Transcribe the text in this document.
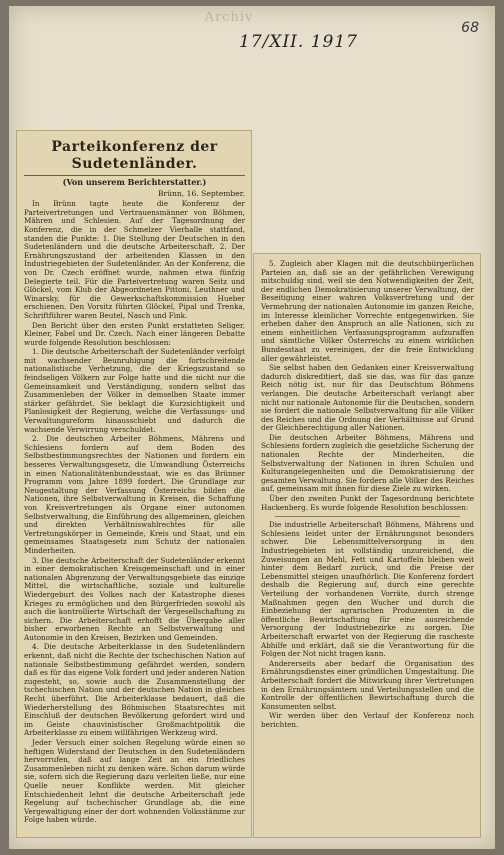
Archiv
68
17/XII. 1917
Parteikonferenz der Sudetenländer.
(Von unserem Berichterstatter.)
Brünn, 16. September.

In Brünn tagte heute die Konferenz der Parteivertretungen und Vertrauensmänner von Böhmen, Mähren und Schlesien. Auf der Tagesordnung der Konferenz, die in der Schmelzer Vierhalle stattfand, standen die Punkte: 1. Die Stellung der Deutschen in den Sudetenländern und die deutsche Arbeiterschaft. 2. Der Ernährungszustand der arbeitenden Klassen in den Industriegebieten der Sudetenländer. An der Konferenz, die von Dr. Czech eröffnet wurde, nahmen etwa fünfzig Delegierte teil. Für die Parteivertretung waren Seitz und Glöckel, vom Klub der Abgeordneten Pittoni, Leuthner und Winarsky, für die Gewerkschaftskommission Hueber erschienen. Den Vorsitz führten Glöckel, Pipal und Trenka, Schriftführer waren Beutel, Nasch und Fink.

Den Bericht über den ersten Punkt erstatteten Seliger, Kleiner, Fabel und Dr. Czech. Nach einer längeren Debatte wurde folgende Resolution beschlossen:

1. Die deutsche Arbeiterschaft der Sudetenländer verfolgt mit wachsender Beunruhigung die fortschreitende nationalistische Verhetzung, die der Kriegszustand so feindseligen Völkern zur Folge hatte und die nicht nur die Gemeinsamkeit und Verständigung, sondern selbst das Zusammenleben der Völker in demselben Staate immer stärker gefährdet. Sie beklagt die Kurzsichtigkeit und Planlosigkeit der Regierung, welche die Verfassungs- und Verwaltungsreform hinausschiebt und dadurch die wachsende Verwirrung verschuldet.

2. Die deutschen Arbeiter Böhmens, Mährens und Schlesiens fordern auf dem Boden des Selbstbestimmungsrechtes der Nationen und fordern ein besseres Verwaltungsgesetz, die Umwandlung Österreichs in einen Nationalitätenbundesstaat, wie es das Brünner Programm vom Jahre 1899 fordert. Die Grundlage zur Neugestaltung der Verfassung Österreichs bilden die Nationen, ihre Selbstverwaltung in Kreisen, die Schaffung von Kreisvertretungen als Organe einer autonomen Selbstverwaltung, die Einführung des allgemeinen, gleichen und direkten Verhältniswahlrechtes für alle Vertretungskörper in Gemeinde, Kreis und Staat, und ein gemeinsames Staatsgesetz zum Schutz der nationalen Minderheiten.

3. Die deutsche Arbeiterschaft der Sudetenländer erkennt in einer demokratischen Kreisgemeinschaft und in einer nationalen Abgrenzung der Verwaltungsgebiete das einzige Mittel, die wirtschaftliche, soziale und kulturelle Wiedergeburt des Volkes nach der Katastrophe dieses Krieges zu ermöglichen und den Bürgerfrieden sowohl als auch die kontrollierte Wirtschaft der Vergesellschaftung zu sichern. Die Arbeiterschaft erhofft die Übergabe aller bisher erworbenen Rechte an Selbstverwaltung und Autonomie in den Kreisen, Bezirken und Gemeinden.

4. Die deutsche Arbeiterklasse in den Sudetenländern erkennt, daß nicht die Rechte der tschechischen Nation auf nationale Selbstbestimmung gefährdet werden, sondern daß es für das eigene Volk fordert und jeder anderen Nation zugesteht, so, sowie auch die Zusammenstellung der tschechischen Nation und der deutschen Nation in gleiches Recht überführt. Die Arbeiterklasse bedauert, daß die Wiederherstellung des Böhmischen Staatsrechtes mit Einschluß der deutschen Bevölkerung gefordert wird und im Geiste chauvinistischer Großmachtpolitik die Arbeiterklasse zu einem willfährigen Werkzeug wird.

Jeder Versuch einer solchen Regelung würde einen so heftigen Widerstand der Deutschen in den Sudetenländern hervorrufen, daß auf lange Zeit an ein friedliches Zusammenleben nicht zu denken wäre. Schon darum würde sie, sofern sich die Regierung dazu verleiten ließe, nur eine Quelle neuer Konflikte werden. Mit gleicher Entschiedenheit lehnt die deutsche Arbeiterschaft jede Regelung auf tschechischer Grundlage ab, die eine Vergewaltigung einer der dort wohnenden Volksstämme zur Folge haben würde.

5. Zugleich aber Klagen mit die deutschbürgerlichen Parteien an, daß sie an der gefährlichen Verewigung mitschuldig sind, weil sie den Notwendigkeiten der Zeit, der endlichen Demokratisierung unserer Verwaltung, der Beseitigung einer wahren Volksvertretung und der Vermehrung der nationalen Autonomie im ganzen Reiche, im Interesse kleinlicher Vorrechte entgegenwirken. Sie erheben daher den Anspruch an alle Nationen, sich zu einem einheitlichen Verfassungsprogramm aufzuraffen und sämtliche Völker Österreichs zu einem wirklichen Bundesstaat zu vereinigen, der die freie Entwicklung aller gewährleistet.

Sie selbst haben den Gedanken einer Kreisverwaltung dadurch diskreditiert, daß sie das, was für das ganze Reich nötig ist, nur für das Deutschtum Böhmens verlangen. Die deutsche Arbeiterschaft verlangt aber nicht nur nationale Autonomie für die Deutschen, sondern sie fordert die nationale Selbstverwaltung für alle Völker des Reiches und die Ordnung der Verhältnisse auf Grund der Gleichberechtigung aller Nationen.

Die deutschen Arbeiter Böhmens, Mährens und Schlesiens fordern zugleich die gesetzliche Sicherung der nationalen Rechte der Minderheiten, die Selbstverwaltung der Nationen in ihren Schulen und Kulturangelegenheiten und die Demokratisierung der gesamten Verwaltung. Sie fordern alle Völker des Reiches auf, gemeinsam mit ihnen für diese Ziele zu wirken.

Über den zweiten Punkt der Tagesordnung berichtete Hackenberg. Es wurde folgende Resolution beschlossen:

Die industrielle Arbeiterschaft Böhmens, Mährens und Schlesiens leidet unter der Ernährungsnot besonders schwer. Die Lebensmittelversorgung in den Industriegebieten ist vollständig unzureichend, die Zuweisungen an Mehl, Fett und Kartoffeln bleiben weit hinter dem Bedarf zurück, und die Preise der Lebensmittel steigen unaufhörlich. Die Konferenz fordert deshalb die Regierung auf, durch eine gerechte Verteilung der vorhandenen Vorräte, durch strenge Maßnahmen gegen den Wucher und durch die Einbeziehung der agrarischen Produzenten in die öffentliche Bewirtschaftung für eine ausreichende Versorgung der Industriebezirke zu sorgen. Die Arbeiterschaft erwartet von der Regierung die rascheste Abhilfe und erklärt, daß sie die Verantwortung für die Folgen der Not nicht tragen kann.

Andererseits aber bedarf die Organisation des Ernährungsdienstes einer gründlichen Umgestaltung. Die Arbeiterschaft fordert die Mitwirkung ihrer Vertretungen in den Ernährungsämtern und Verteilungsstellen und die Kontrolle der öffentlichen Bewirtschaftung durch die Konsumenten selbst.

Wir werden über den Verlauf der Konferenz noch berichten.
